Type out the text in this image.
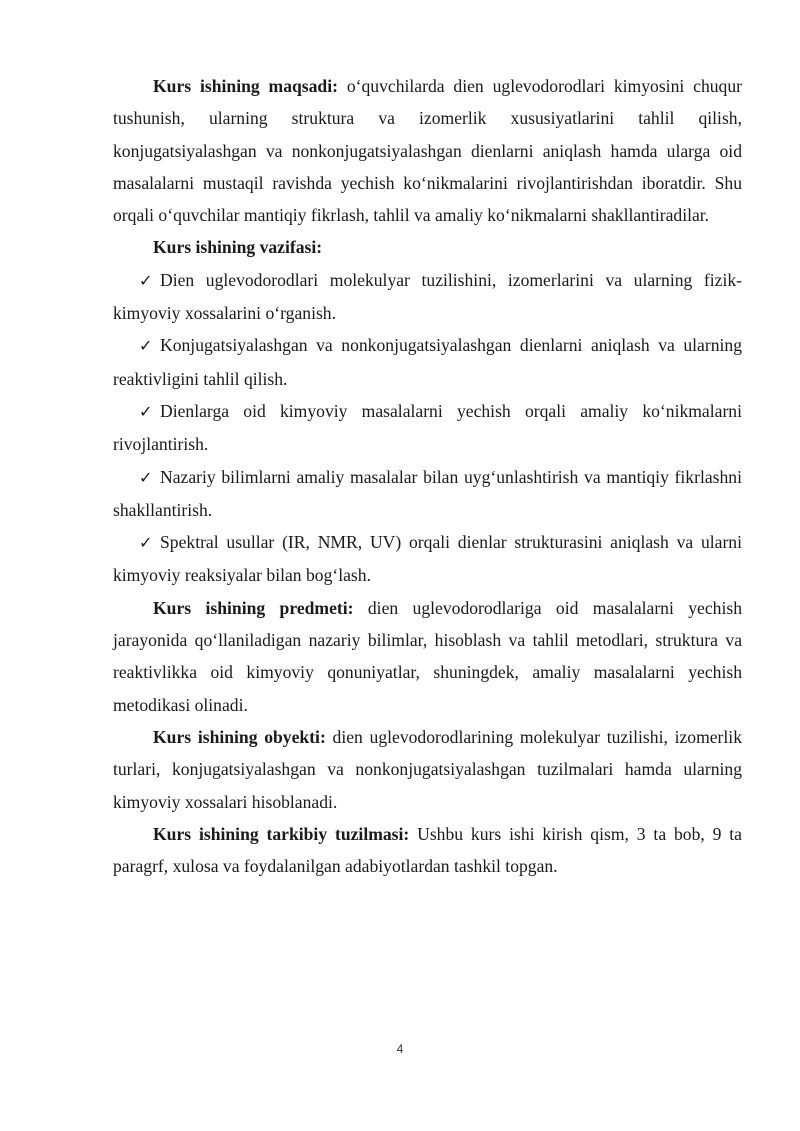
Kurs ishining maqsadi: o‘quvchilarda dien uglevodorodlari kimyosini chuqur tushunish, ularning struktura va izomerlik xususiyatlarini tahlil qilish, konjugatsiyalashgan va nonkonjugatsiyalashgan dienlarni aniqlash hamda ularga oid masalalarni mustaqil ravishda yechish ko‘nikmalarini rivojlantirishdan iboratdir. Shu orqali o‘quvchilar mantiqiy fikrlash, tahlil va amaliy ko‘nikmalarni shakllantiradilar.

Kurs ishining vazifasi:

✓ Dien uglevodorodlari molekulyar tuzilishini, izomerlarini va ularning fizik-kimyoviy xossalarini o‘rganish.

✓ Konjugatsiyalashgan va nonkonjugatsiyalashgan dienlarni aniqlash va ularning reaktivligini tahlil qilish.

✓ Dienlarga oid kimyoviy masalalarni yechish orqali amaliy ko‘nikmalarni rivojlantirish.

✓ Nazariy bilimlarni amaliy masalalar bilan uyg‘unlashtirish va mantiqiy fikrlashni shakllantirish.

✓ Spektral usullar (IR, NMR, UV) orqali dienlar strukturasini aniqlash va ularni kimyoviy reaksiyalar bilan bog‘lash.

Kurs ishining predmeti: dien uglevodorodlariga oid masalalarni yechish jarayonida qo‘llaniladigan nazariy bilimlar, hisoblash va tahlil metodlari, struktura va reaktivlikka oid kimyoviy qonuniyatlar, shuningdek, amaliy masalalarni yechish metodikasi olinadi.

Kurs ishining obyekti: dien uglevodorodlarining molekulyar tuzilishi, izomerlik turlari, konjugatsiyalashgan va nonkonjugatsiyalashgan tuzilmalari hamda ularning kimyoviy xossalari hisoblanadi.

Kurs ishining tarkibiy tuzilmasi: Ushbu kurs ishi kirish qism, 3 ta bob, 9 ta paragrf, xulosa va foydalanilgan adabiyotlardan tashkil topgan.

4
